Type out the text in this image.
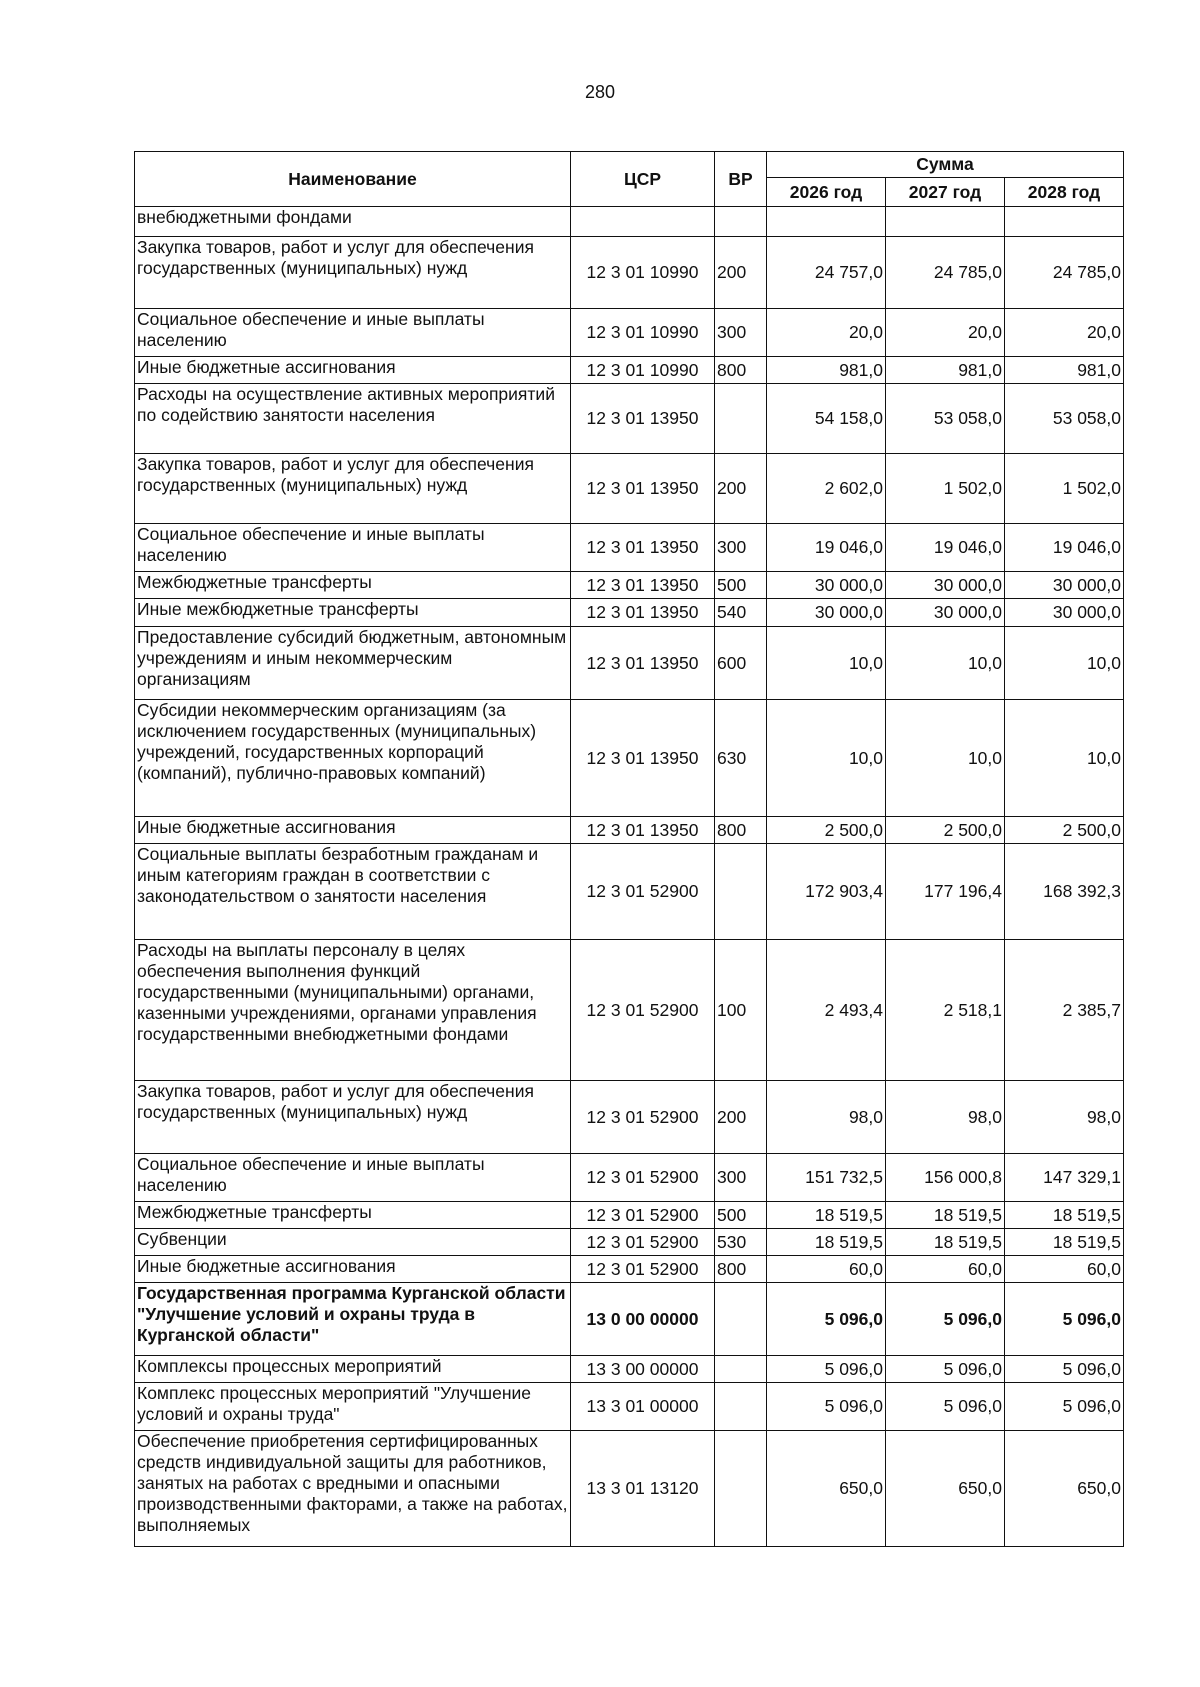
280
Наименование	ЦСР	ВР	Сумма		
			2026 год	2027 год	2028 год
внебюджетными фондами					
Закупка товаров, работ и услуг для обеспечения государственных (муниципальных) нужд	12 3 01 10990	200	24 757,0	24 785,0	24 785,0
Социальное обеспечение и иные выплаты населению	12 3 01 10990	300	20,0	20,0	20,0
Иные бюджетные ассигнования	12 3 01 10990	800	981,0	981,0	981,0
Расходы на осуществление активных мероприятий по содействию занятости населения	12 3 01 13950		54 158,0	53 058,0	53 058,0
Закупка товаров, работ и услуг для обеспечения государственных (муниципальных) нужд	12 3 01 13950	200	2 602,0	1 502,0	1 502,0
Социальное обеспечение и иные выплаты населению	12 3 01 13950	300	19 046,0	19 046,0	19 046,0
Межбюджетные трансферты	12 3 01 13950	500	30 000,0	30 000,0	30 000,0
Иные межбюджетные трансферты	12 3 01 13950	540	30 000,0	30 000,0	30 000,0
Предоставление субсидий бюджетным, автономным учреждениям и иным некоммерческим организациям	12 3 01 13950	600	10,0	10,0	10,0
Субсидии некоммерческим организациям (за исключением государственных (муниципальных) учреждений, государственных корпораций (компаний), публично-правовых компаний)	12 3 01 13950	630	10,0	10,0	10,0
Иные бюджетные ассигнования	12 3 01 13950	800	2 500,0	2 500,0	2 500,0
Социальные выплаты безработным гражданам и иным категориям граждан в соответствии с законодательством о занятости населения	12 3 01 52900		172 903,4	177 196,4	168 392,3
Расходы на выплаты персоналу в целях обеспечения выполнения функций государственными (муниципальными) органами, казенными учреждениями, органами управления государственными внебюджетными фондами	12 3 01 52900	100	2 493,4	2 518,1	2 385,7
Закупка товаров, работ и услуг для обеспечения государственных (муниципальных) нужд	12 3 01 52900	200	98,0	98,0	98,0
Социальное обеспечение и иные выплаты населению	12 3 01 52900	300	151 732,5	156 000,8	147 329,1
Межбюджетные трансферты	12 3 01 52900	500	18 519,5	18 519,5	18 519,5
Субвенции	12 3 01 52900	530	18 519,5	18 519,5	18 519,5
Иные бюджетные ассигнования	12 3 01 52900	800	60,0	60,0	60,0
Государственная программа Курганской области "Улучшение условий и охраны труда в Курганской области"	13 0 00 00000		5 096,0	5 096,0	5 096,0
Комплексы процессных мероприятий	13 3 00 00000		5 096,0	5 096,0	5 096,0
Комплекс процессных мероприятий "Улучшение условий и охраны труда"	13 3 01 00000		5 096,0	5 096,0	5 096,0
Обеспечение приобретения сертифицированных средств индивидуальной защиты для работников, занятых на работах с вредными и опасными производственными факторами, а также на работах, выполняемых	13 3 01 13120		650,0	650,0	650,0
